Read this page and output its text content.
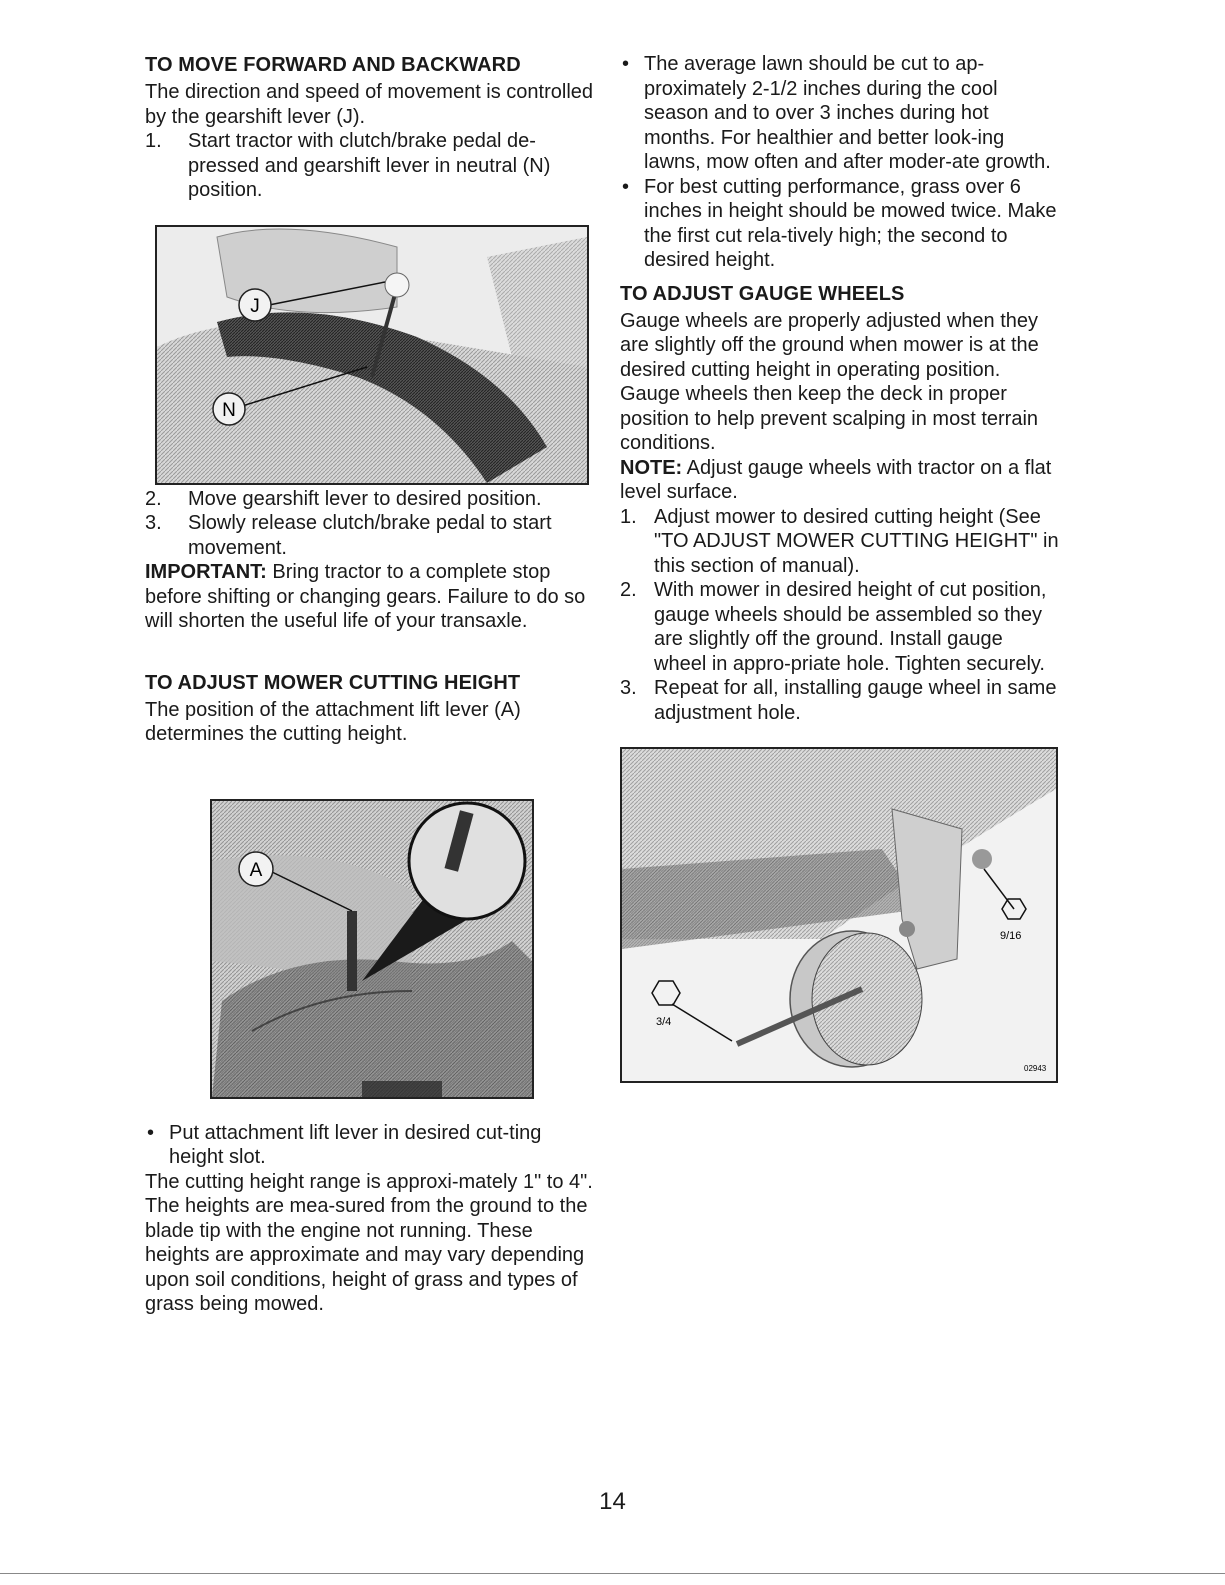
TO MOVE FORWARD AND BACKWARD

The direction and speed of movement is controlled by the gearshift lever (J).

1. Start tractor with clutch/brake pedal de-pressed and gearshift lever in neutral (N) position.
J
N
2. Move gearshift lever to desired position.
3. Slowly release clutch/brake pedal to start movement.

IMPORTANT: Bring tractor to a complete stop before shifting or changing gears. Failure to do so will shorten the useful life of your transaxle.

TO ADJUST MOWER CUTTING HEIGHT

The position of the attachment lift lever (A) determines the cutting height.

A
• Put attachment lift lever in desired cut-ting height slot.

The cutting height range is approxi-mately 1" to 4". The heights are mea-sured from the ground to the blade tip with the engine not running. These heights are approximate and may vary depending upon soil conditions, height of grass and types of grass being mowed.

• The average lawn should be cut to ap-proximately 2-1/2 inches during the cool season and to over 3 inches during hot months. For healthier and better look-ing lawns, mow often and after moder-ate growth.
• For best cutting performance, grass over 6 inches in height should be mowed twice. Make the first cut rela-tively high; the second to desired height.
TO ADJUST GAUGE WHEELS

Gauge wheels are properly adjusted when they are slightly off the ground when mower is at the desired cutting height in operating position. Gauge wheels then keep the deck in proper position to help prevent scalping in most terrain conditions.

NOTE: Adjust gauge wheels with tractor on a flat level surface.

1. Adjust mower to desired cutting height (See "TO ADJUST MOWER CUTTING HEIGHT" in this section of manual).
2. With mower in desired height of cut position, gauge wheels should be assembled so they are slightly off the ground. Install gauge wheel in appro-priate hole. Tighten securely.
3. Repeat for all, installing gauge wheel in same adjustment hole.
9/16
3/4
02943
14
